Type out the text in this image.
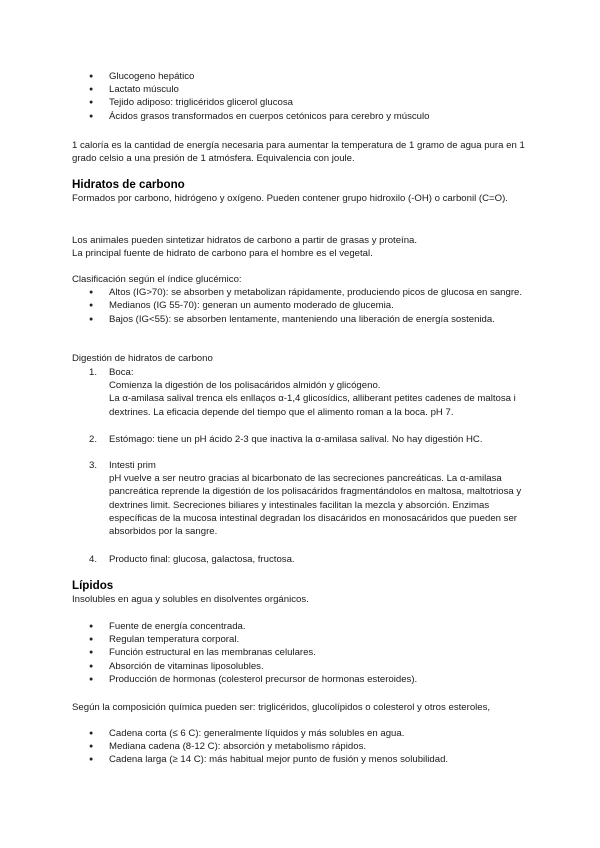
● Glucogeno hepático
● Lactato músculo
● Tejido adiposo: triglicéridos glicerol glucosa
● Ácidos grasos transformados en cuerpos cetónicos para cerebro y músculo

1 caloría es la cantidad de energía necesaria para aumentar la temperatura de 1 gramo de agua pura en 1 grado celsio a una presión de 1 atmósfera. Equivalencia con joule.

Hidratos de carbono

Formados por carbono, hidrógeno y oxígeno. Pueden contener grupo hidroxilo (-OH) o carbonil (C=O).

Los animales pueden sintetizar hidratos de carbono a partir de grasas y proteína.

La principal fuente de hidrato de carbono para el hombre es el vegetal.

Clasificación según el índice glucémico:

● Altos (IG>70): se absorben y metabolizan rápidamente, produciendo picos de glucosa en sangre.
● Medianos (IG 55-70): generan un aumento moderado de glucemia.
● Bajos (IG<55): se absorben lentamente, manteniendo una liberación de energía sostenida.

Digestión de hidratos de carbono

1. Boca:
Comienza la digestión de los polisacáridos almidón y glicógeno.
La α-amilasa salival trenca els enllaços α-1,4 glicosídics, alliberant petites cadenes de maltosa i dextrines. La eficacia depende del tiempo que el alimento roman a la boca. pH 7.
2. Estómago: tiene un pH ácido 2-3 que inactiva la α-amilasa salival. No hay digestión HC.
3. Intesti prim
pH vuelve a ser neutro gracias al bicarbonato de las secreciones pancreáticas. La α-amilasa pancreática reprende la digestión de los polisacáridos fragmentándolos en maltosa, maltotriosa y dextrines limit. Secreciones biliares y intestinales facilitan la mezcla y absorción. Enzimas específicas de la mucosa intestinal degradan los disacáridos en monosacáridos que pueden ser absorbidos por la sangre.
4. Producto final: glucosa, galactosa, fructosa.
Lípidos

Insolubles en agua y solubles en disolventes orgánicos.

● Fuente de energía concentrada.
● Regulan temperatura corporal.
● Función estructural en las membranas celulares.
● Absorción de vitaminas liposolubles.
● Producción de hormonas (colesterol precursor de hormonas esteroides).

Según la composición química pueden ser: triglicéridos, glucolípidos o colesterol y otros esteroles,

● Cadena corta (≤ 6 C): generalmente líquidos y más solubles en agua.
● Mediana cadena (8-12 C): absorción y metabolismo rápidos.
● Cadena larga (≥ 14 C): más habitual mejor punto de fusión y menos solubilidad.
